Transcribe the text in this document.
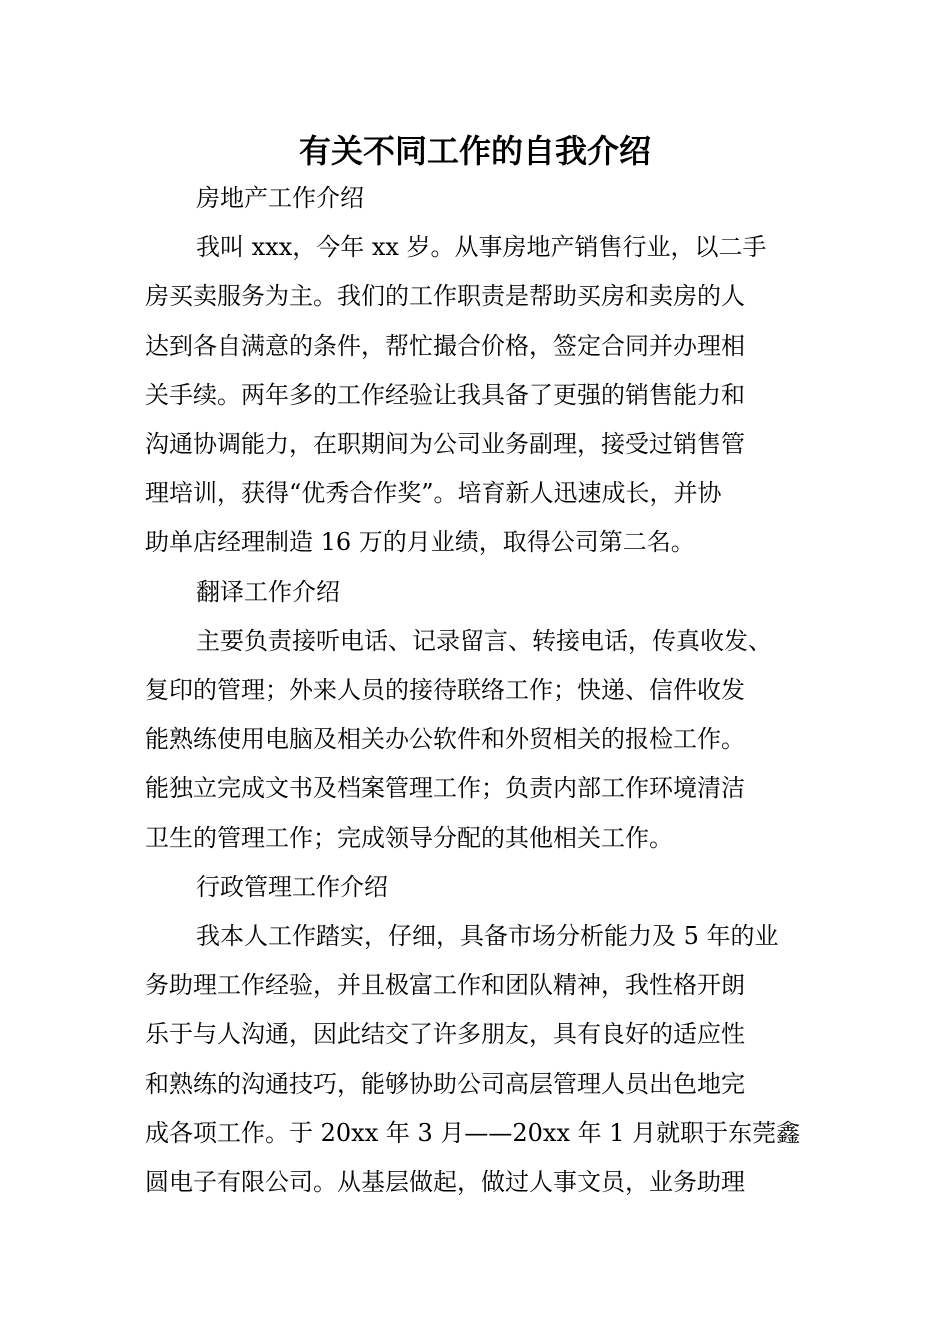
有关不同工作的自我介绍

房地产工作介绍

我叫 xxx，今年 xx 岁。从事房地产销售行业，以二手

房买卖服务为主。我们的工作职责是帮助买房和卖房的人

达到各自满意的条件，帮忙撮合价格，签定合同并办理相

关手续。两年多的工作经验让我具备了更强的销售能力和

沟通协调能力，在职期间为公司业务副理，接受过销售管

理培训，获得“优秀合作奖”。培育新人迅速成长，并协

助单店经理制造 16 万的月业绩，取得公司第二名。

翻译工作介绍

主要负责接听电话、记录留言、转接电话，传真收发、

复印的管理；外来人员的接待联络工作；快递、信件收发

能熟练使用电脑及相关办公软件和外贸相关的报检工作。

能独立完成文书及档案管理工作；负责内部工作环境清洁

卫生的管理工作；完成领导分配的其他相关工作。

行政管理工作介绍

我本人工作踏实，仔细，具备市场分析能力及 5 年的业

务助理工作经验，并且极富工作和团队精神，我性格开朗

乐于与人沟通，因此结交了许多朋友，具有良好的适应性

和熟练的沟通技巧，能够协助公司高层管理人员出色地完

成各项工作。于 20xx 年 3 月——20xx 年 1 月就职于东莞鑫

圆电子有限公司。从基层做起，做过人事文员，业务助理
